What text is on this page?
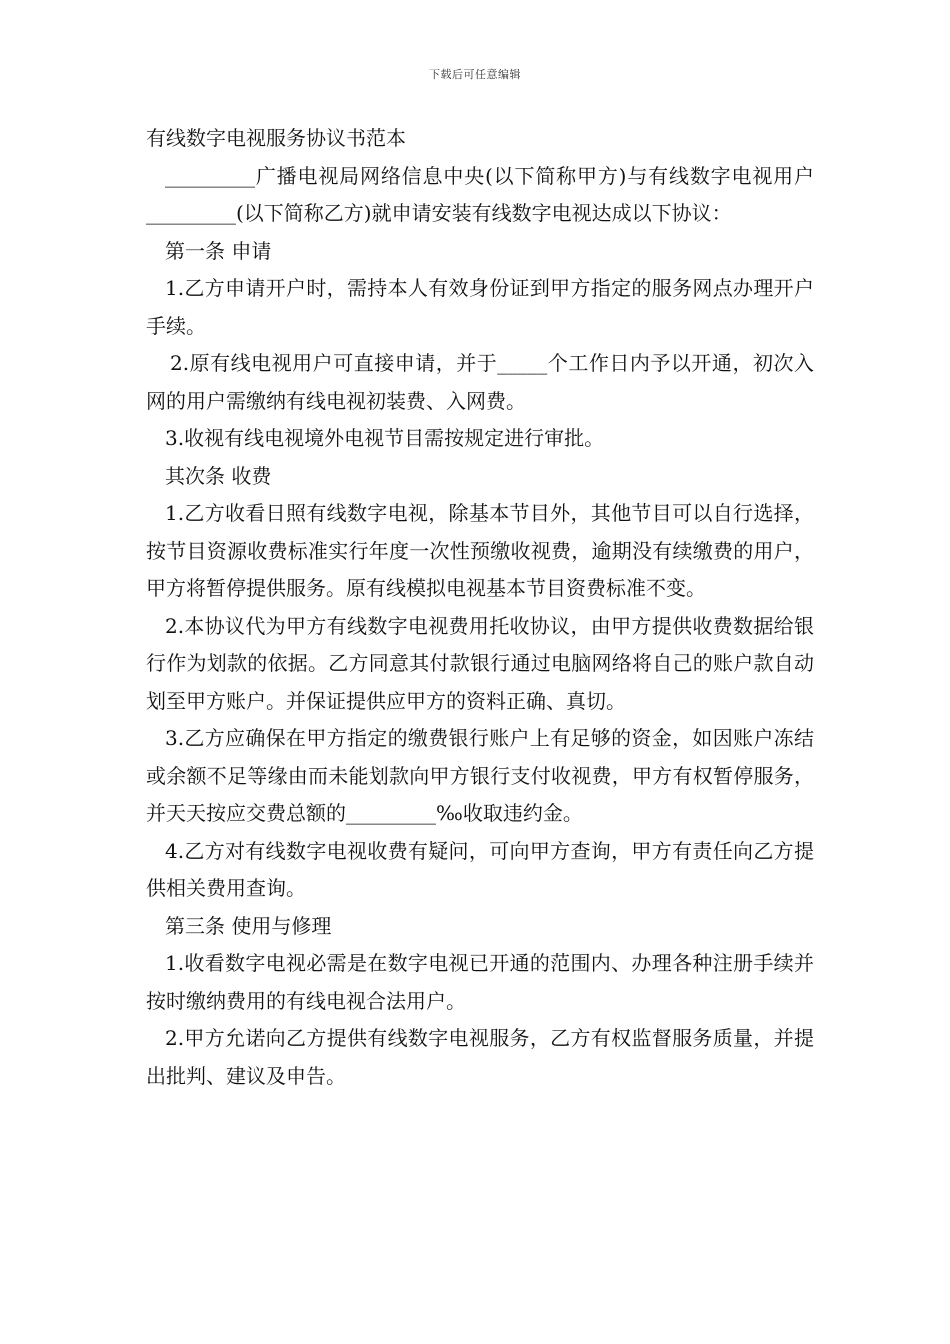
下载后可任意编辑
有线数字电视服务协议书范本
_________广播电视局网络信息中央(以下简称甲方)与有线数字电视用户_________(以下简称乙方)就申请安装有线数字电视达成以下协议：
第一条 申请
1.乙方申请开户时，需持本人有效身份证到甲方指定的服务网点办理开户手续。
2.原有线电视用户可直接申请，并于_____个工作日内予以开通，初次入网的用户需缴纳有线电视初装费、入网费。
3.收视有线电视境外电视节目需按规定进行审批。
其次条 收费
1.乙方收看日照有线数字电视，除基本节目外，其他节目可以自行选择，按节目资源收费标准实行年度一次性预缴收视费，逾期没有续缴费的用户，甲方将暂停提供服务。原有线模拟电视基本节目资费标准不变。
2.本协议代为甲方有线数字电视费用托收协议，由甲方提供收费数据给银行作为划款的依据。乙方同意其付款银行通过电脑网络将自己的账户款自动划至甲方账户。并保证提供应甲方的资料正确、真切。
3.乙方应确保在甲方指定的缴费银行账户上有足够的资金，如因账户冻结或余额不足等缘由而未能划款向甲方银行支付收视费，甲方有权暂停服务，并天天按应交费总额的_________‰收取违约金。
4.乙方对有线数字电视收费有疑问，可向甲方查询，甲方有责任向乙方提供相关费用查询。
第三条 使用与修理
1.收看数字电视必需是在数字电视已开通的范围内、办理各种注册手续并按时缴纳费用的有线电视合法用户。
2.甲方允诺向乙方提供有线数字电视服务，乙方有权监督服务质量，并提出批判、建议及申告。
